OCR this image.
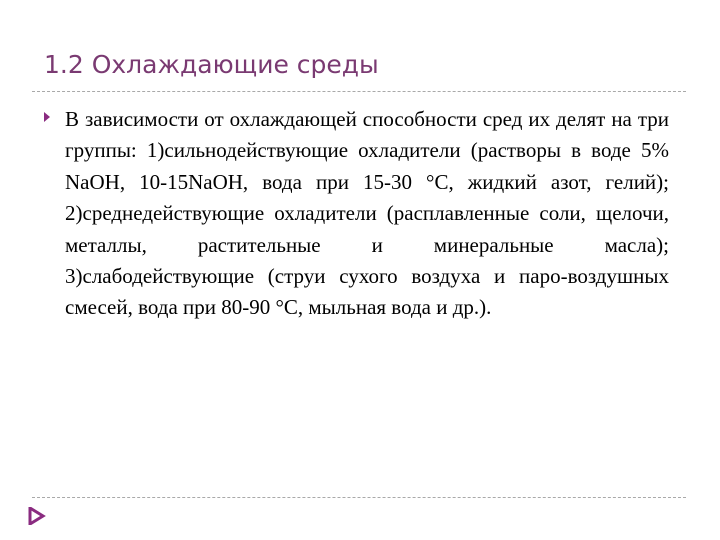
1.2 Охлаждающие среды

В зависимости от охлаждающей способности сред их делят на три группы: 1)сильнодействующие охладители (растворы в воде 5% NaOH, 10-15NaOH, вода при 15-30 °С, жидкий азот, гелий); 2)среднедействующие охладители (расплавленные соли, щелочи, металлы, растительные и минеральные масла); 3)слабодействующие (струи сухого воздуха и паро-воздушных смесей, вода при 80-90 °С, мыльная вода и др.).
